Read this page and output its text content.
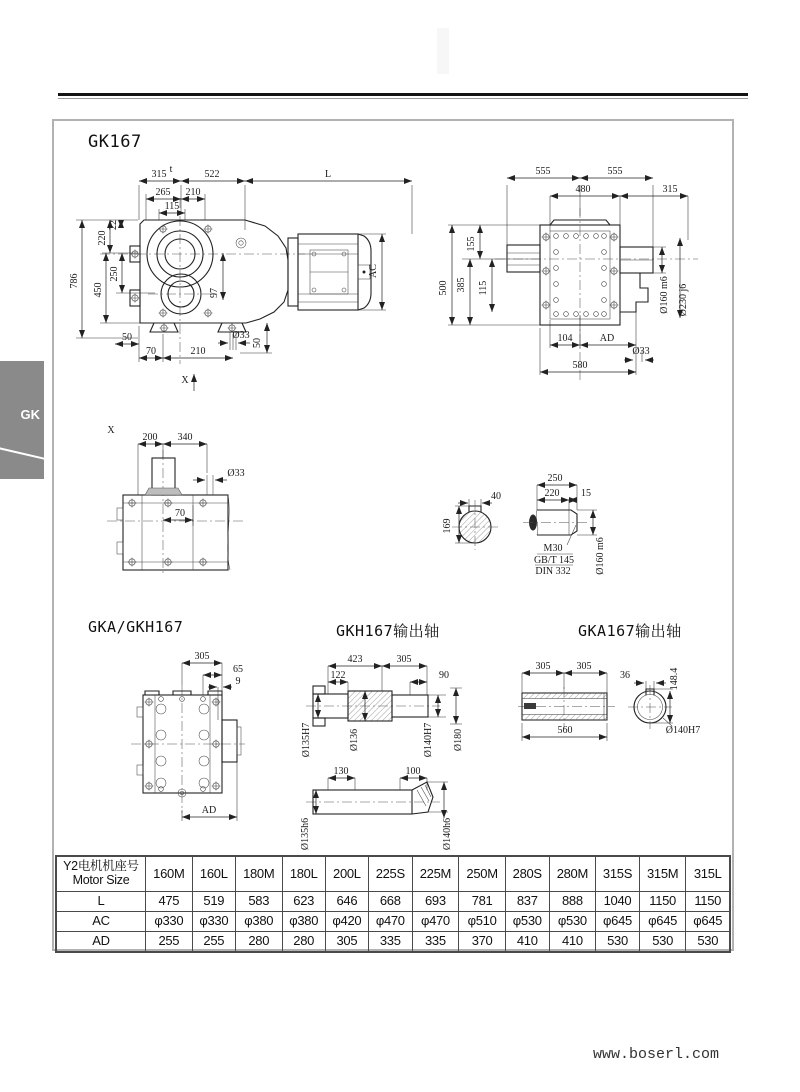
GK
GK167
GKA/GKH167	GKH167输出轴	GKA167输出轴
315 t	522	L
265 210
115
786
220
22
250
450	97
AC
50
70	210
Ø33
50
X
555	555
480	315
155
385 115
500	Ø160 m6 Ø230 j6
104	AD
Ø33
580
X
200 340
Ø33
70
40
169
250
220 15
M30
GB/T 145
DIN 332 Ø160 m6
305
65
9
AD
423	305
122	90
Ø135H7	Ø136	Ø140H7 Ø180
130	100
Ø135h6	Ø140h6
305	305
560
36	148.4
Ø140H7
Y2电机机座号
Motor Size	160M	160L	180M	180L	200L	225S	225M	250M	280S	280M	315S	315M	315L
L	475	519	583	623	646	668	693	781	837	888	1040	1150	1150
AC	φ330	φ330	φ380	φ380	φ420	φ470	φ470	φ510	φ530	φ530	φ645	φ645	φ645
AD	255	255	280	280	305	335	335	370	410	410	530	530	530
www.boserl.com
